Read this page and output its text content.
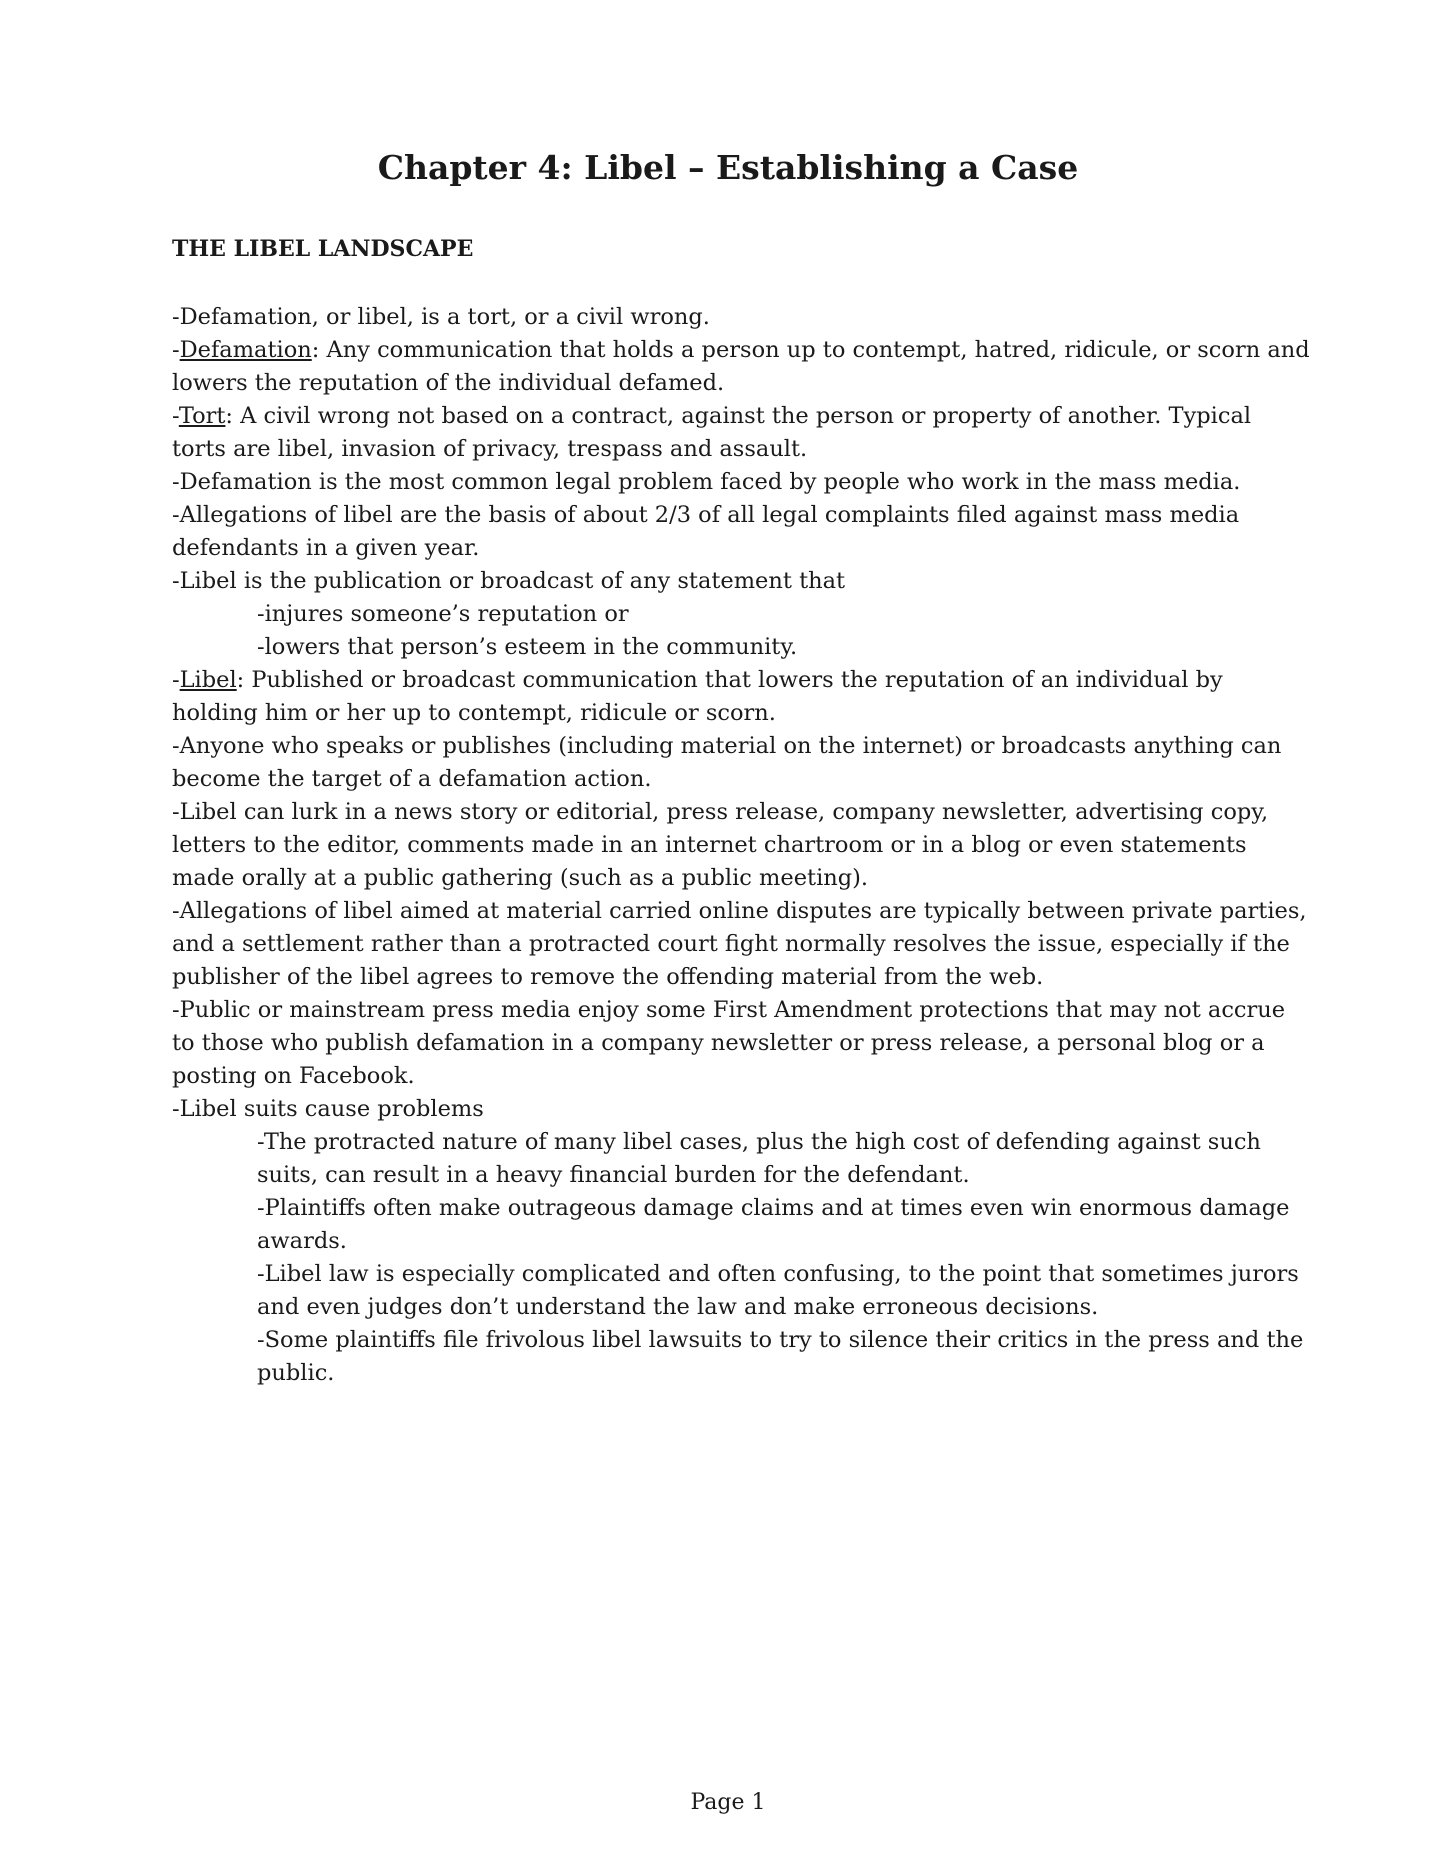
Chapter 4: Libel – Establishing a Case
THE LIBEL LANDSCAPE

-Defamation, or libel, is a tort, or a civil wrong.

-Defamation: Any communication that holds a person up to contempt, hatred, ridicule, or scorn and lowers the reputation of the individual defamed.

-Tort: A civil wrong not based on a contract, against the person or property of another. Typical torts are libel, invasion of privacy, trespass and assault.

-Defamation is the most common legal problem faced by people who work in the mass media.

-Allegations of libel are the basis of about 2/3 of all legal complaints filed against mass media defendants in a given year.

-Libel is the publication or broadcast of any statement that

-injures someone’s reputation or

-lowers that person’s esteem in the community.

-Libel: Published or broadcast communication that lowers the reputation of an individual by holding him or her up to contempt, ridicule or scorn.

-Anyone who speaks or publishes (including material on the internet) or broadcasts anything can become the target of a defamation action.

-Libel can lurk in a news story or editorial, press release, company newsletter, advertising copy, letters to the editor, comments made in an internet chartroom or in a blog or even statements made orally at a public gathering (such as a public meeting).

-Allegations of libel aimed at material carried online disputes are typically between private parties, and a settlement rather than a protracted court fight normally resolves the issue, especially if the publisher of the libel agrees to remove the offending material from the web.

-Public or mainstream press media enjoy some First Amendment protections that may not accrue to those who publish defamation in a company newsletter or press release, a personal blog or a posting on Facebook.

-Libel suits cause problems

-The protracted nature of many libel cases, plus the high cost of defending against such suits, can result in a heavy financial burden for the defendant.

-Plaintiffs often make outrageous damage claims and at times even win enormous damage awards.

-Libel law is especially complicated and often confusing, to the point that sometimes jurors and even judges don’t understand the law and make erroneous decisions.

-Some plaintiffs file frivolous libel lawsuits to try to silence their critics in the press and the public.

Page 1
